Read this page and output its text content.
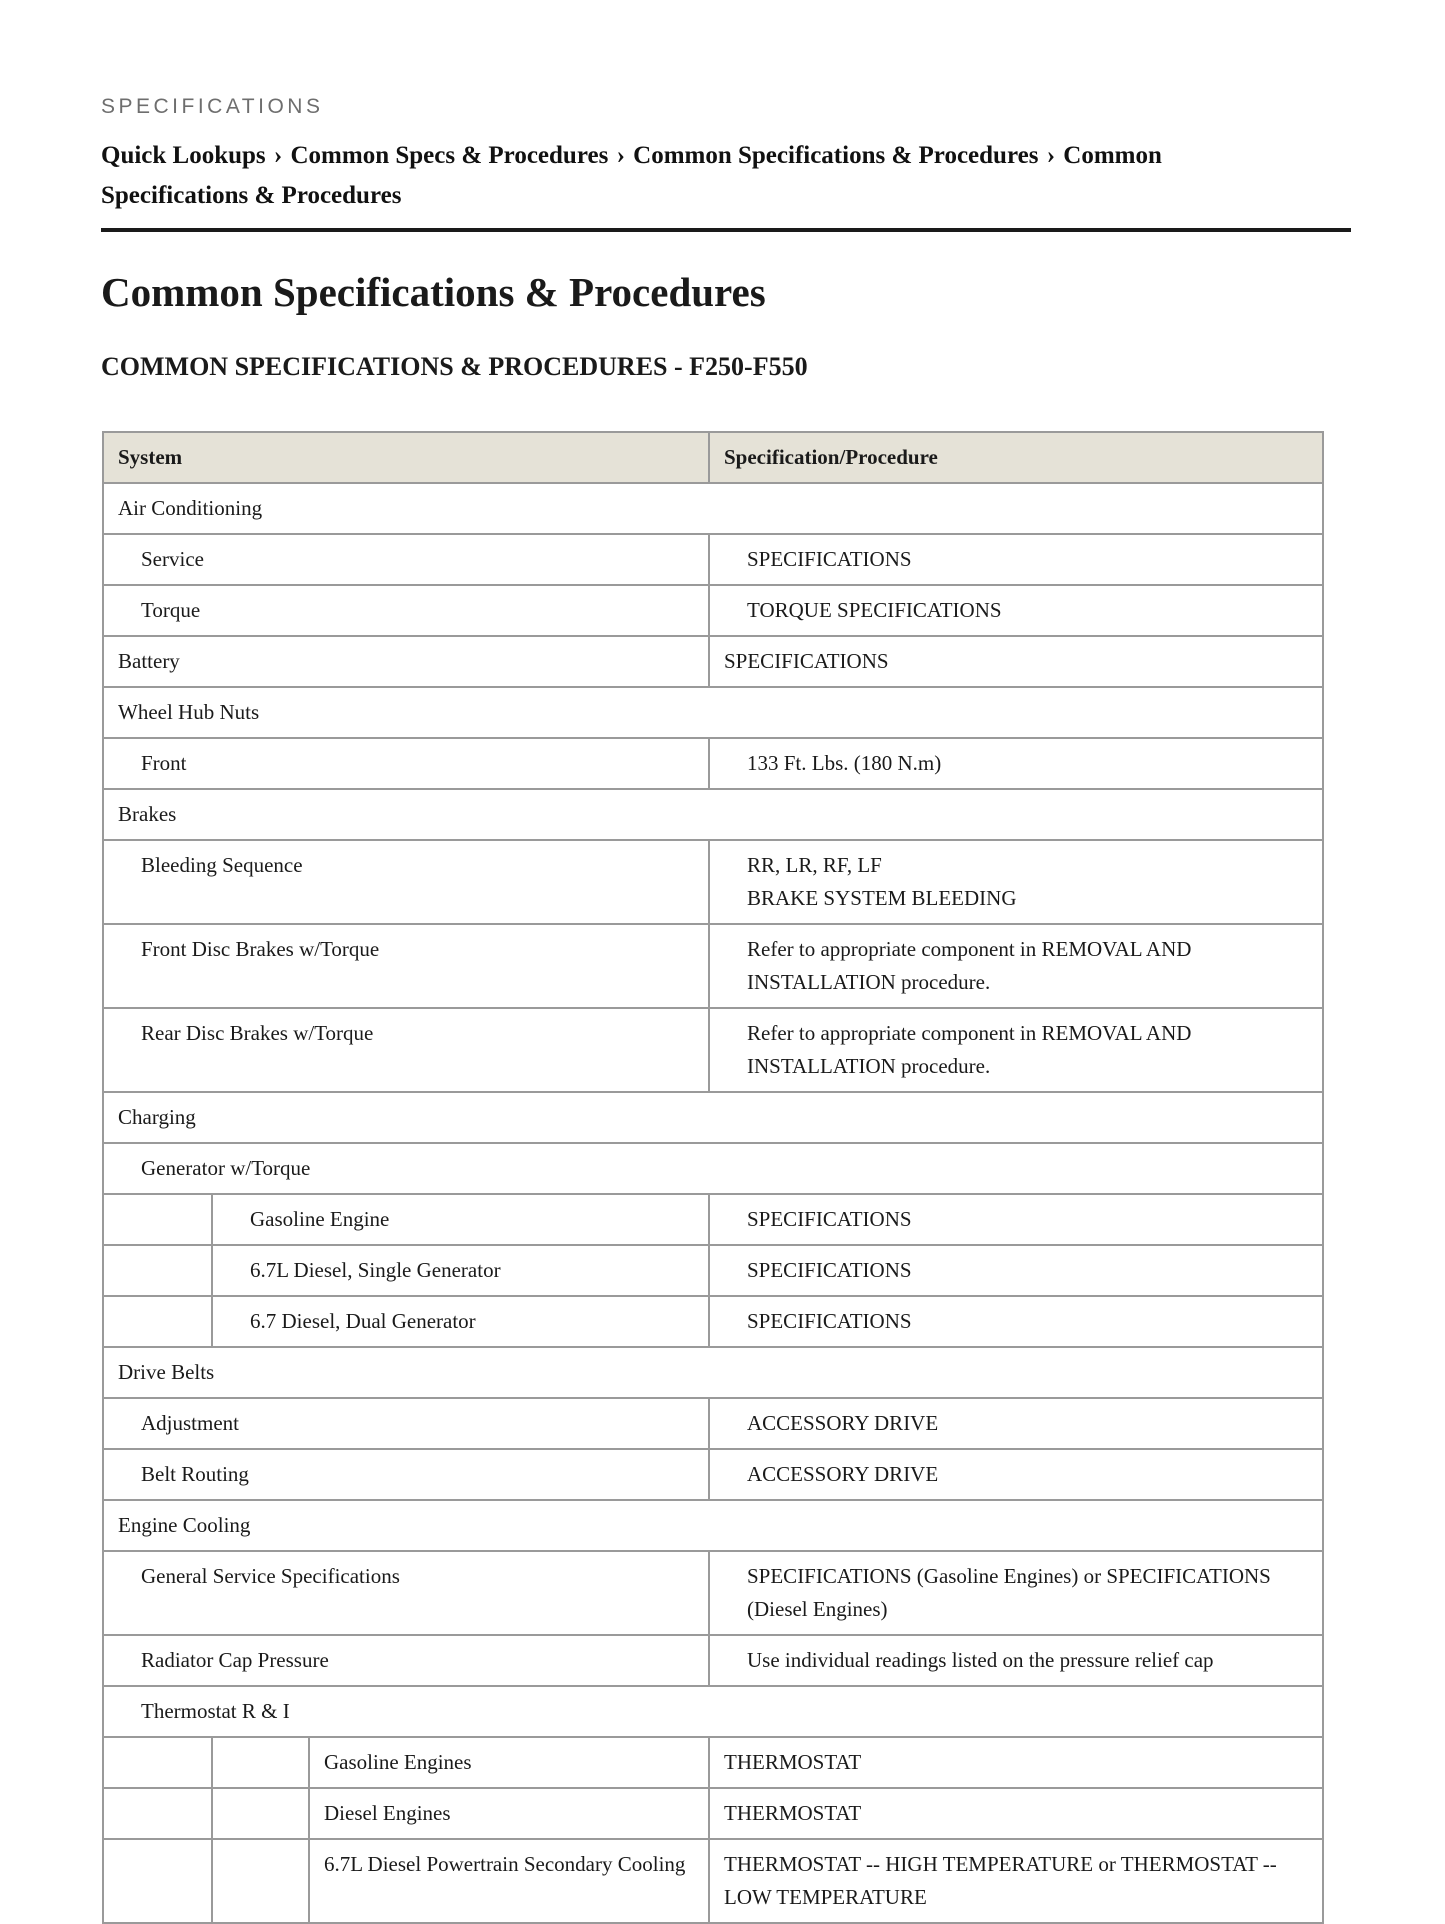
SPECIFICATIONS
Quick Lookups › Common Specs & Procedures › Common Specifications & Procedures › Common Specifications & Procedures
Common Specifications & Procedures
COMMON SPECIFICATIONS & PROCEDURES - F250-F550
System			Specification/Procedure
Air Conditioning			
Service			SPECIFICATIONS
Torque			TORQUE SPECIFICATIONS
Battery			SPECIFICATIONS
Wheel Hub Nuts			
Front			133 Ft. Lbs. (180 N.m)
Brakes			
Bleeding Sequence			RR, LR, RF, LF
BRAKE SYSTEM BLEEDING

Front Disc Brakes w/Torque			Refer to appropriate component in REMOVAL AND INSTALLATION procedure.
Rear Disc Brakes w/Torque			Refer to appropriate component in REMOVAL AND INSTALLATION procedure.
Charging			
Generator w/Torque			
	Gasoline Engine		SPECIFICATIONS
	6.7L Diesel, Single Generator		SPECIFICATIONS
	6.7 Diesel, Dual Generator		SPECIFICATIONS
Drive Belts			
Adjustment			ACCESSORY DRIVE
Belt Routing			ACCESSORY DRIVE
Engine Cooling			
General Service Specifications			SPECIFICATIONS (Gasoline Engines) or SPECIFICATIONS (Diesel Engines)
Radiator Cap Pressure			Use individual readings listed on the pressure relief cap
Thermostat R & I			
		Gasoline Engines	THERMOSTAT
		Diesel Engines	THERMOSTAT
		6.7L Diesel Powertrain Secondary Cooling	THERMOSTAT -- HIGH TEMPERATURE or THERMOSTAT -- LOW TEMPERATURE
